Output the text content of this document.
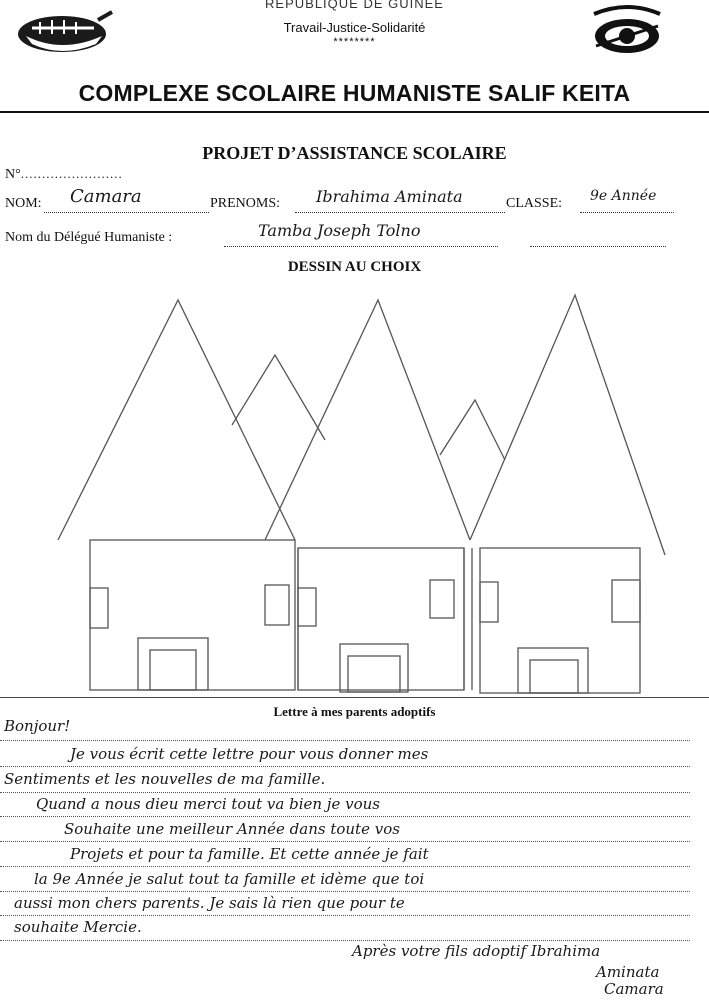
REPUBLIQUE DE GUINEE
Travail-Justice-Solidarité
********
COMPLEXE SCOLAIRE HUMANISTE SALIF KEITA
PROJET D’ASSISTANCE SCOLAIRE
N°........................
NOM: Camara	PRENOMS: Ibrahima Aminata	CLASSE: 9e Année
Nom du Délégué Humaniste :	Tamba Joseph Tolno
DESSIN AU CHOIX
Lettre à mes parents adoptifs
Bonjour!
Je vous écrit cette lettre pour vous donner mes
Sentiments et les nouvelles de ma famille.
Quand a nous dieu merci tout va bien je vous
Souhaite une meilleur Année dans toute vos
Projets et pour ta famille. Et cette année je fait
la 9e Année je salut tout ta famille et idème que toi
aussi mon chers parents. Je sais là rien que pour te
souhaite Mercie.
Après votre fils adoptif Ibrahima
Aminata
Camara
